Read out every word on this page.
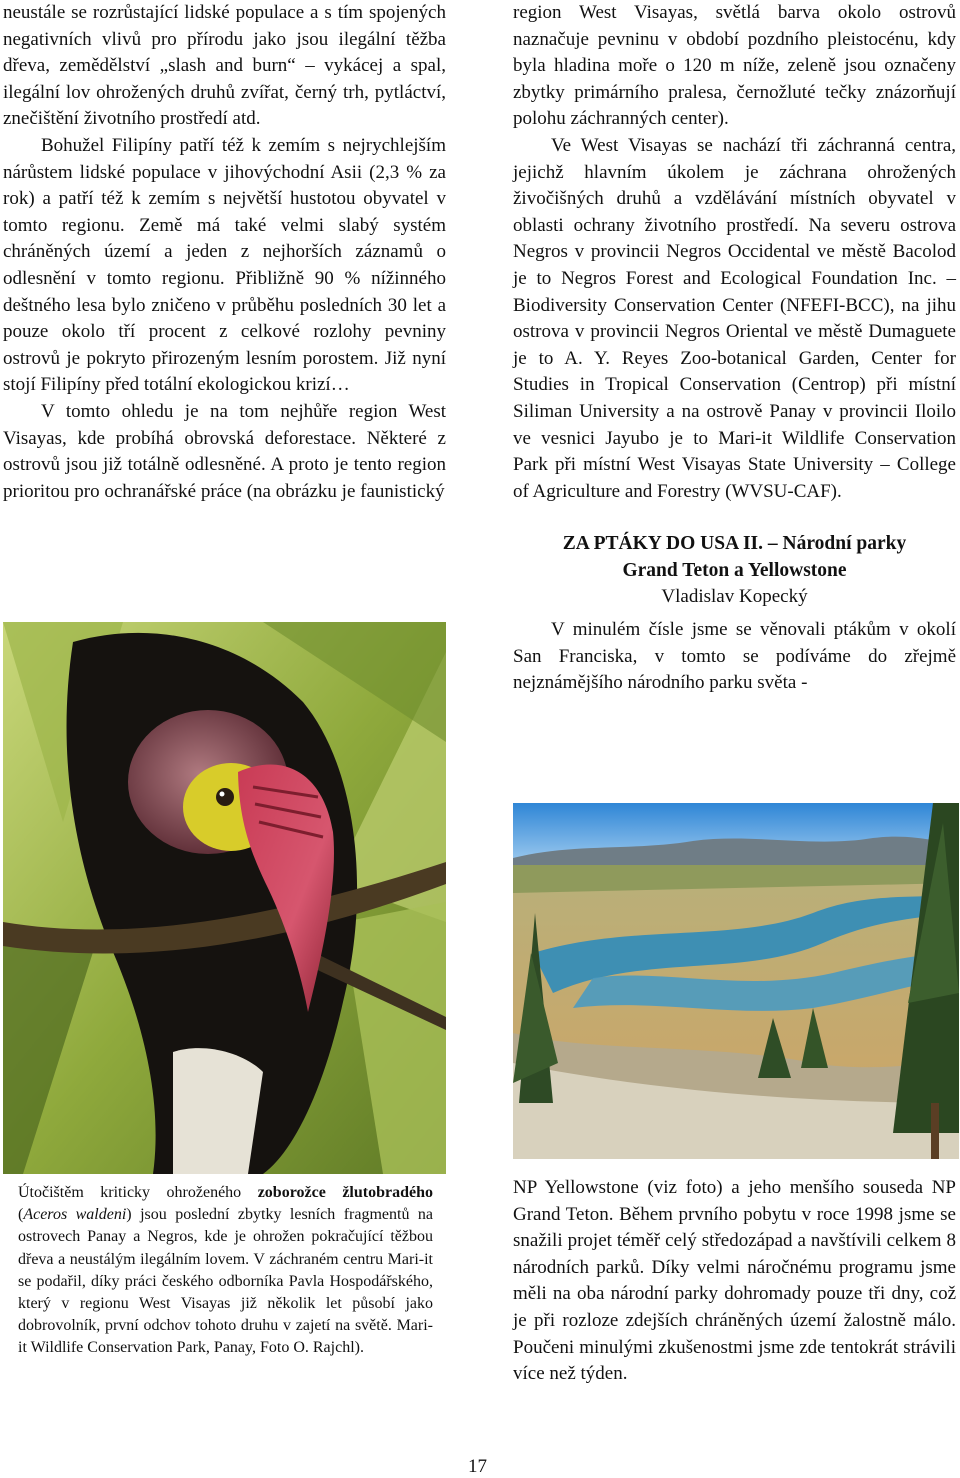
neustále se rozrůstající lidské populace a s tím spojených negativních vlivů pro přírodu jako jsou ilegální těžba dřeva, zemědělství „slash and burn“ – vykácej a spal, ilegální lov ohrožených druhů zvířat, černý trh, pytláctví, znečištění životního prostředí atd.

Bohužel Filipíny patří též k zemím s nejrychlejším nárůstem lidské populace v jihovýchodní Asii (2,3 % za rok) a patří též k zemím s největší hustotou obyvatel v tomto regionu. Země má také velmi slabý systém chráněných území a jeden z nejhorších záznamů o odlesnění v tomto regionu. Přibližně 90 % nížinného deštného lesa bylo zničeno v průběhu posledních 30 let a pouze okolo tří procent z celkové rozlohy pevniny ostrovů je pokryto přirozeným lesním porostem. Již nyní stojí Filipíny před totální ekologickou krizí…

V tomto ohledu je na tom nejhůře region West Visayas, kde probíhá obrovská deforestace. Některé z ostrovů jsou již totálně odlesněné. A proto je tento region prioritou pro ochranářské práce (na obrázku je faunistický

Útočištěm kriticky ohroženého zoborožce žlutobradého (Aceros waldeni) jsou poslední zbytky lesních fragmentů na ostrovech Panay a Negros, kde je ohrožen pokračující těžbou dřeva a neustálým ilegálním lovem. V záchraném centru Mari-it se podařil, díky práci českého odborníka Pavla Hospodářského, který v regionu West Visayas již několik let působí jako dobrovolník, první odchov tohoto druhu v zajetí na světě. Mari-it Wildlife Conservation Park, Panay, Foto O. Rajchl).

region West Visayas, světlá barva okolo ostrovů naznačuje pevninu v období pozdního pleistocénu, kdy byla hladina moře o 120 m níže, zeleně jsou označeny zbytky primárního pralesa, černožluté tečky znázorňují polohu záchranných center).

Ve West Visayas se nachází tři záchranná centra, jejichž hlavním úkolem je záchrana ohrožených živočišných druhů a vzdělávání místních obyvatel v oblasti ochrany životního prostředí. Na severu ostrova Negros v provincii Negros Occidental ve městě Bacolod je to Negros Forest and Ecological Foundation Inc. – Biodiversity Conservation Center (NFEFI-BCC), na jihu ostrova v provincii Negros Oriental ve městě Dumaguete je to A. Y. Reyes Zoo-botanical Garden, Center for Studies in Tropical Conservation (Centrop) při místní Siliman University a na ostrově Panay v provincii Iloilo ve vesnici Jayubo je to Mari-it Wildlife Conservation Park při místní West Visayas State University – College of Agriculture and Forestry (WVSU-CAF).

ZA PTÁKY DO USA II. – Národní parky

Grand Teton a Yellowstone

Vladislav Kopecký

V minulém čísle jsme se věnovali ptákům v okolí San Franciska, v tomto se podíváme do zřejmě nejznámějšího národního parku světa -

NP Yellowstone (viz foto) a jeho menšího souseda NP Grand Teton. Během prvního pobytu v roce 1998 jsme se snažili projet téměř celý středozápad a navštívili celkem 8 národních parků. Díky velmi náročnému programu jsme měli na oba národní parky dohromady pouze tři dny, což je při rozloze zdejších chráněných území žalostně málo. Poučeni minulými zkušenostmi jsme zde tentokrát strávili více než týden.

17
